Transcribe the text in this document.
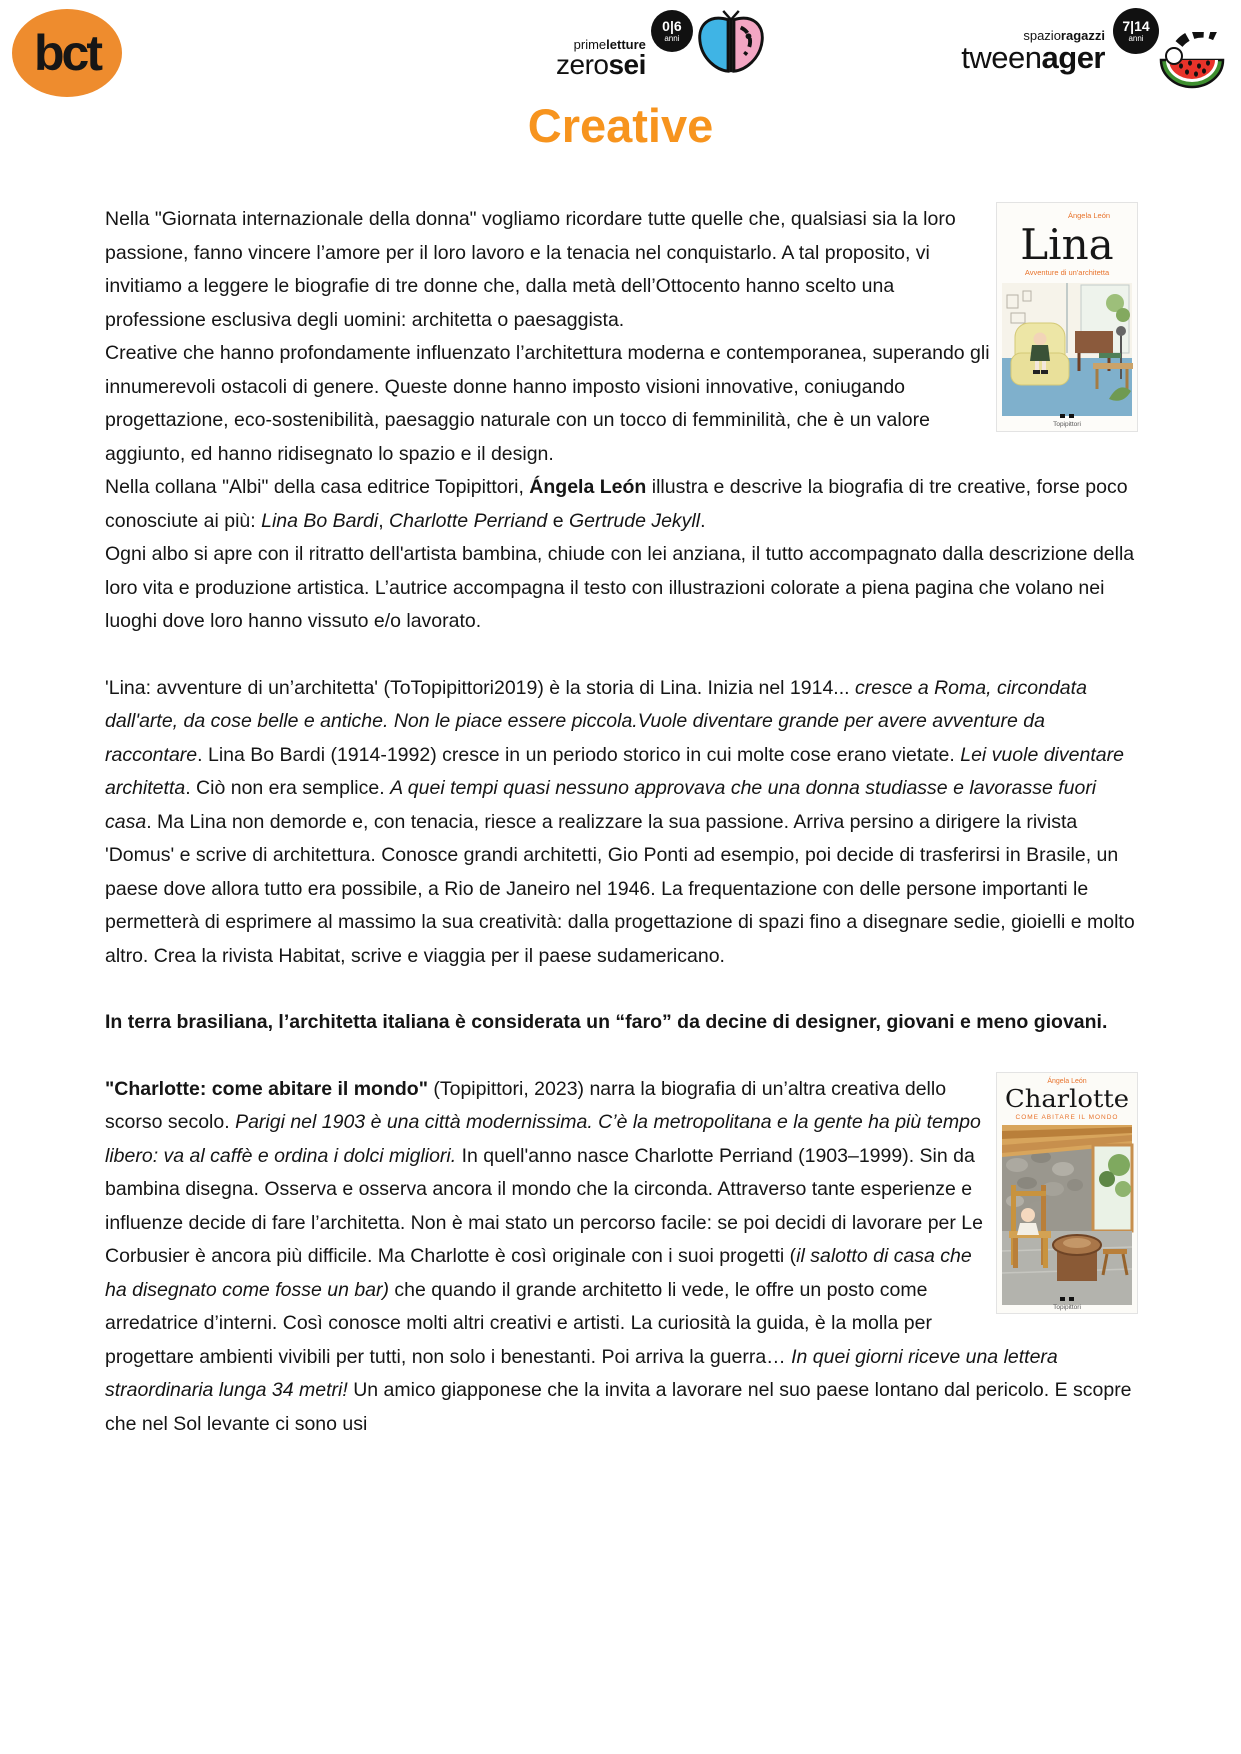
bct	primeletture
zerosei
0|6
anni	spazioragazzi
tweenager
7|14
anni
Creative
Ángela León
Lina
Avventure di un'architetta
Topipittori

Nella "Giornata internazionale della donna" vogliamo ricordare tutte quelle che, qualsiasi sia la loro passione, fanno vincere l’amore per il loro lavoro e la tenacia nel conquistarlo. A tal proposito, vi invitiamo a leggere le biografie di tre donne che, dalla metà dell’Ottocento hanno scelto una professione esclusiva degli uomini: architetta o paesaggista.

Creative che hanno profondamente influenzato l’architettura moderna e contemporanea, superando gli innumerevoli ostacoli di genere. Queste donne hanno imposto visioni innovative, coniugando progettazione, eco-sostenibilità, paesaggio naturale con un tocco di femminilità, che è un valore aggiunto, ed hanno ridisegnato lo spazio e il design.

Nella collana "Albi" della casa editrice Topipittori, Ángela León illustra e descrive la biografia di tre creative, forse poco conosciute ai più: Lina Bo Bardi, Charlotte Perriand e Gertrude Jekyll.

Ogni albo si apre con il ritratto dell'artista bambina, chiude con lei anziana, il tutto accompagnato dalla descrizione della loro vita e produzione artistica. L’autrice accompagna il testo con illustrazioni colorate a piena pagina che volano nei luoghi dove loro hanno vissuto e/o lavorato.

'Lina: avventure di un’architetta' (ToTopipittori2019) è la storia di Lina. Inizia nel 1914... cresce a Roma, circondata dall'arte, da cose belle e antiche. Non le piace essere piccola.Vuole diventare grande per avere avventure da raccontare. Lina Bo Bardi (1914-1992) cresce in un periodo storico in cui molte cose erano vietate. Lei vuole diventare architetta. Ciò non era semplice. A quei tempi quasi nessuno approvava che una donna studiasse e lavorasse fuori casa. Ma Lina non demorde e, con tenacia, riesce a realizzare la sua passione. Arriva persino a dirigere la rivista 'Domus' e scrive di architettura. Conosce grandi architetti, Gio Ponti ad esempio, poi decide di trasferirsi in Brasile, un paese dove allora tutto era possibile, a Rio de Janeiro nel 1946. La frequentazione con delle persone importanti le permetterà di esprimere al massimo la sua creatività: dalla progettazione di spazi fino a disegnare sedie, gioielli e molto altro. Crea la rivista Habitat, scrive e viaggia per il paese sudamericano.

In terra brasiliana, l’architetta italiana è considerata un “faro” da decine di designer, giovani e meno giovani.

Ángela León
Charlotte
COME ABITARE IL MONDO
Topipittori

"Charlotte: come abitare il mondo" (Topipittori, 2023) narra la biografia di un’altra creativa dello scorso secolo. Parigi nel 1903 è una città modernissima. C’è la metropolitana e la gente ha più tempo libero: va al caffè e ordina i dolci migliori. In quell'anno nasce Charlotte Perriand (1903–1999). Sin da bambina disegna. Osserva e osserva ancora il mondo che la circonda. Attraverso tante esperienze e influenze decide di fare l’architetta. Non è mai stato un percorso facile: se poi decidi di lavorare per Le Corbusier è ancora più difficile. Ma Charlotte è così originale con i suoi progetti (il salotto di casa che ha disegnato come fosse un bar) che quando il grande architetto li vede, le offre un posto come arredatrice d’interni. Così conosce molti altri creativi e artisti. La curiosità la guida, è la molla per progettare ambienti vivibili per tutti, non solo i benestanti. Poi arriva la guerra… In quei giorni riceve una lettera straordinaria lunga 34 metri! Un amico giapponese che la invita a lavorare nel suo paese lontano dal pericolo. E scopre che nel Sol levante ci sono usi
